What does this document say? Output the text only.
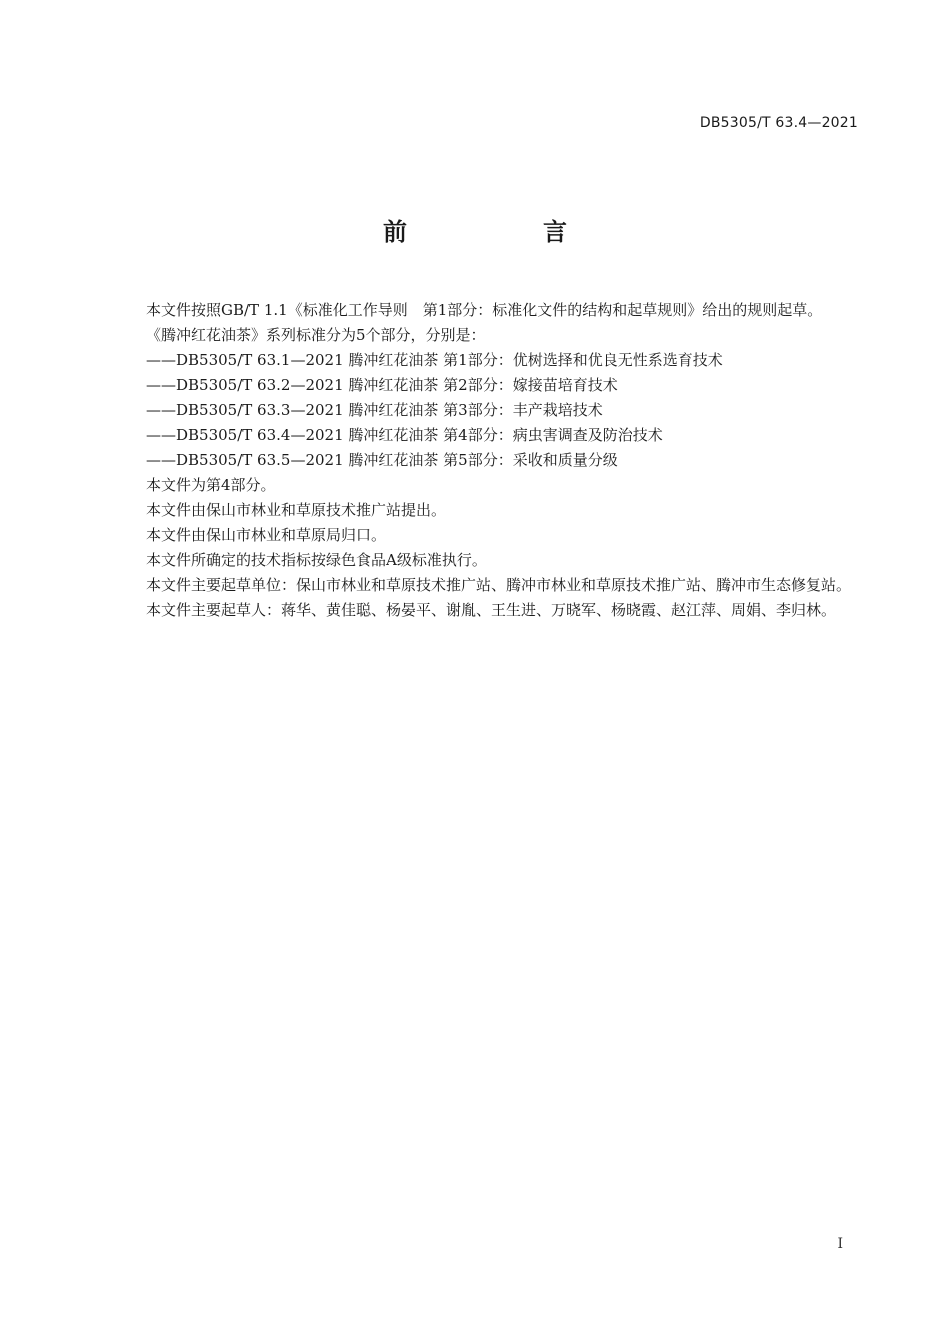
DB5305/T 63.4—2021
前　言

本文件按照GB/T 1.1《标准化工作导则　第1部分：标准化文件的结构和起草规则》给出的规则起草。

《腾冲红花油茶》系列标准分为5个部分，分别是：

——DB5305/T 63.1—2021 腾冲红花油茶 第1部分：优树选择和优良无性系选育技术

——DB5305/T 63.2—2021 腾冲红花油茶 第2部分：嫁接苗培育技术

——DB5305/T 63.3—2021 腾冲红花油茶 第3部分：丰产栽培技术

——DB5305/T 63.4—2021 腾冲红花油茶 第4部分：病虫害调查及防治技术

——DB5305/T 63.5—2021 腾冲红花油茶 第5部分：采收和质量分级

本文件为第4部分。

本文件由保山市林业和草原技术推广站提出。

本文件由保山市林业和草原局归口。

本文件所确定的技术指标按绿色食品A级标准执行。

本文件主要起草单位：保山市林业和草原技术推广站、腾冲市林业和草原技术推广站、腾冲市生态修复站。

本文件主要起草人：蒋华、黄佳聪、杨晏平、谢胤、王生进、万晓军、杨晓霞、赵江萍、周娟、李归林。

I
